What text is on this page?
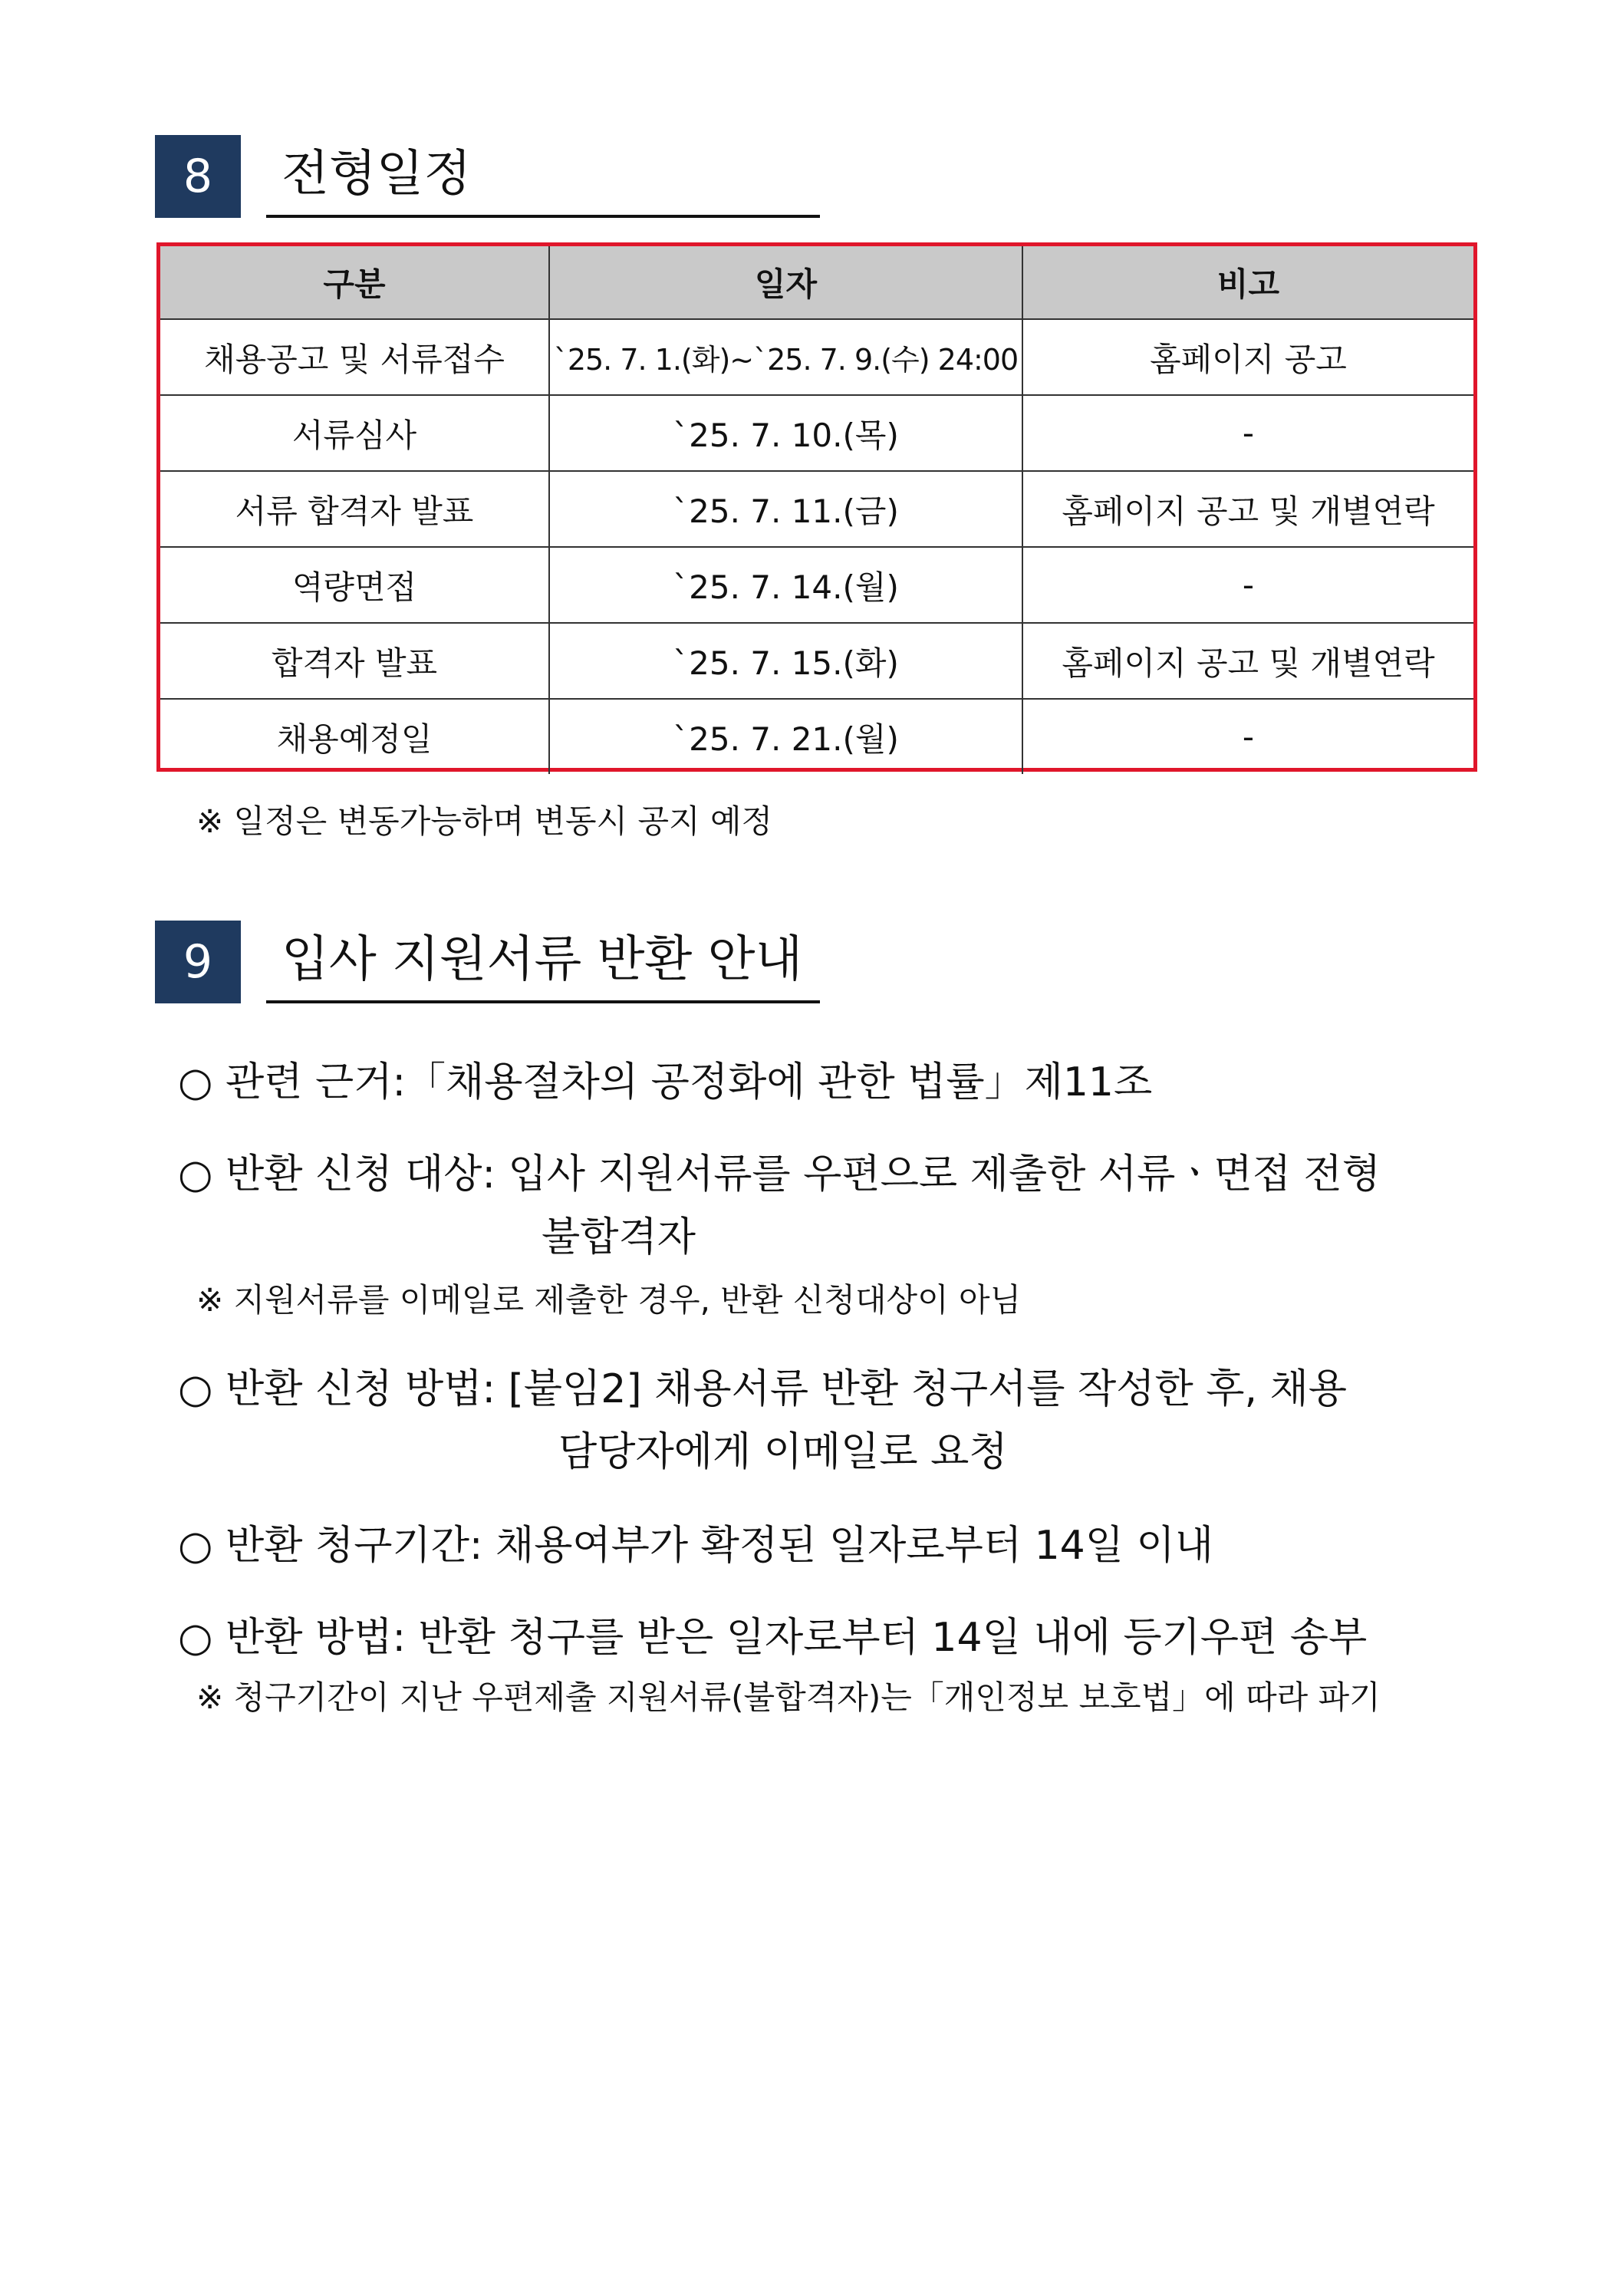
8	전형일정
구분	일자	비고
채용공고 및 서류접수	`25. 7. 1.(화)~`25. 7. 9.(수) 24:00	홈페이지 공고
서류심사	`25. 7. 10.(목)	-
서류 합격자 발표	`25. 7. 11.(금)	홈페이지 공고 및 개별연락
역량면접	`25. 7. 14.(월)	-
합격자 발표	`25. 7. 15.(화)	홈페이지 공고 및 개별연락
채용예정일	`25. 7. 21.(월)	-
※ 일정은 변동가능하며 변동시 공지 예정
9	입사 지원서류 반환 안내
○ 관련 근거:「채용절차의 공정화에 관한 법률」제11조
○ 반환 신청 대상: 입사 지원서류를 우편으로 제출한 서류ㆍ면접 전형
불합격자
※ 지원서류를 이메일로 제출한 경우, 반환 신청대상이 아님
○ 반환 신청 방법: [붙임2] 채용서류 반환 청구서를 작성한 후, 채용
담당자에게 이메일로 요청
○ 반환 청구기간: 채용여부가 확정된 일자로부터 14일 이내
○ 반환 방법: 반환 청구를 받은 일자로부터 14일 내에 등기우편 송부
※ 청구기간이 지난 우편제출 지원서류(불합격자)는「개인정보 보호법」에 따라 파기
